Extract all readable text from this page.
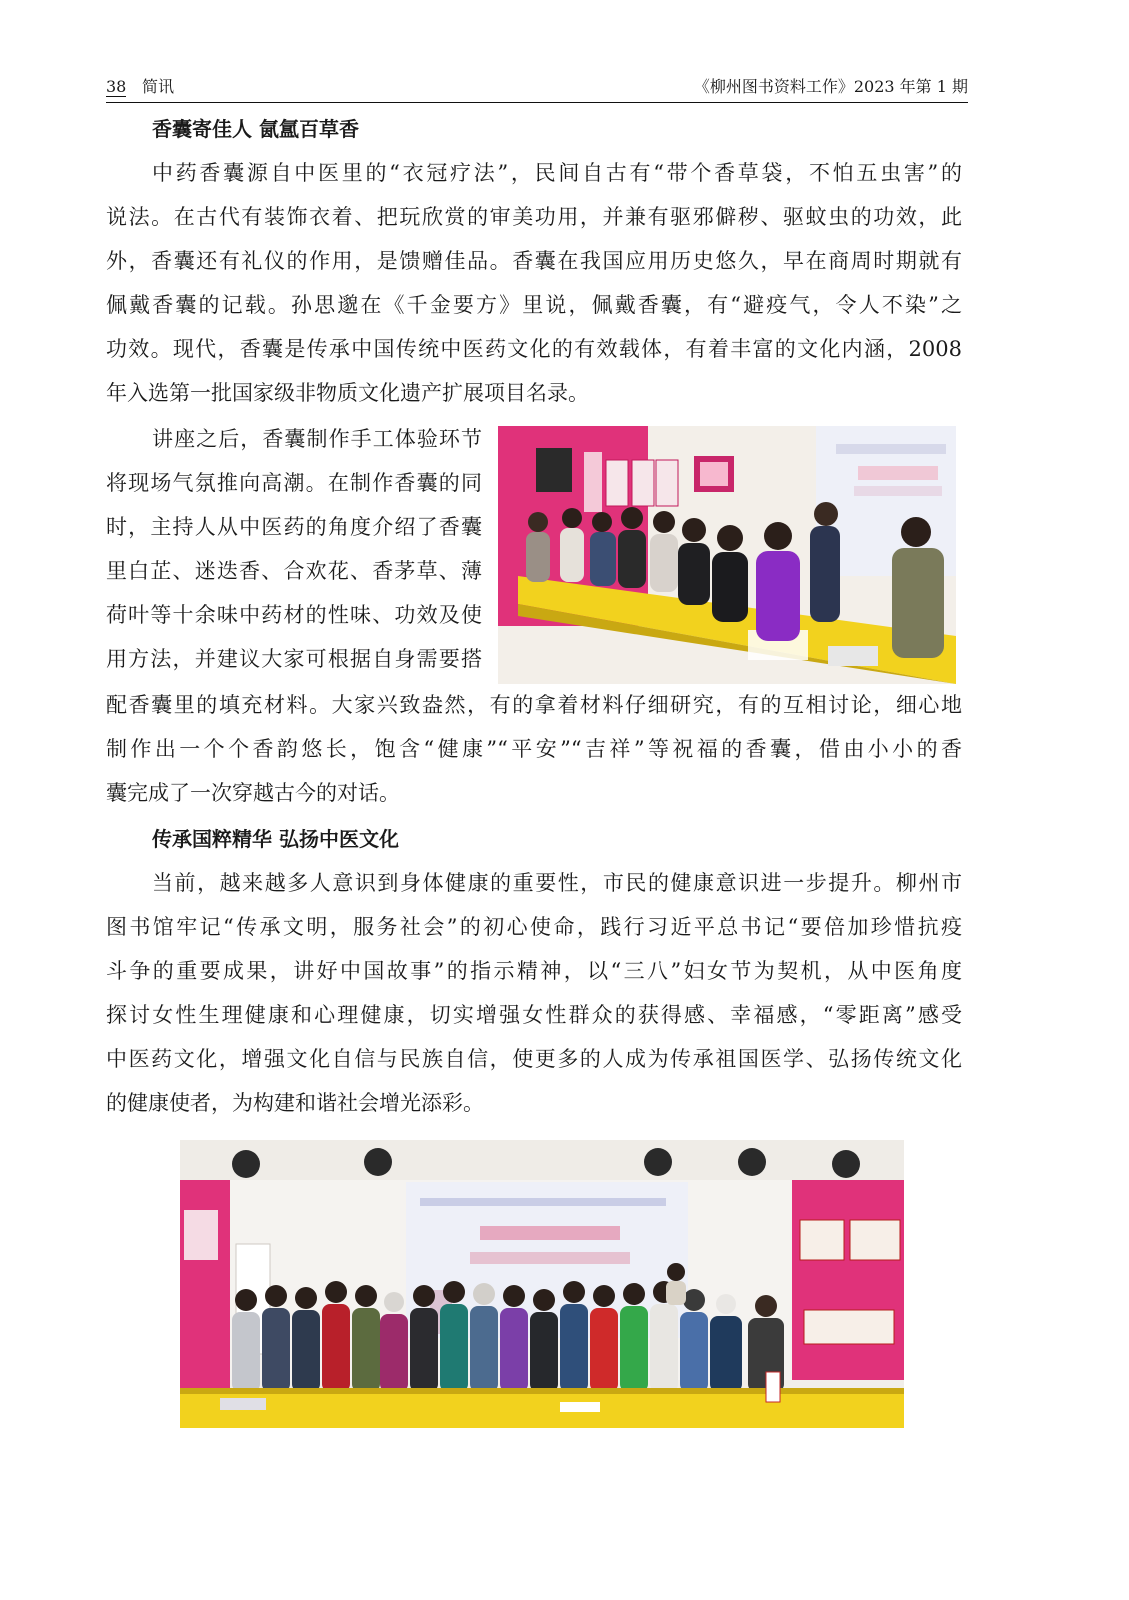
38 简讯	《柳州图书资料工作》2023 年第 1 期
香囊寄佳人 氤氲百草香
中药香囊源自中医里的“衣冠疗法”，民间自古有“带个香草袋，不怕五虫害”的
说法。在古代有装饰衣着、把玩欣赏的审美功用，并兼有驱邪僻秽、驱蚊虫的功效，此
外，香囊还有礼仪的作用，是馈赠佳品。香囊在我国应用历史悠久，早在商周时期就有
佩戴香囊的记载。孙思邈在《千金要方》里说，佩戴香囊，有“避疫气，令人不染”之
功效。现代，香囊是传承中国传统中医药文化的有效载体，有着丰富的文化内涵，2008
年入选第一批国家级非物质文化遗产扩展项目名录。
讲座之后，香囊制作手工体验环节
将现场气氛推向高潮。在制作香囊的同
时，主持人从中医药的角度介绍了香囊
里白芷、迷迭香、合欢花、香茅草、薄
荷叶等十余味中药材的性味、功效及使
用方法，并建议大家可根据自身需要搭
配香囊里的填充材料。大家兴致盎然，有的拿着材料仔细研究，有的互相讨论，细心地
制作出一个个香韵悠长，饱含“健康”“平安”“吉祥”等祝福的香囊，借由小小的香
囊完成了一次穿越古今的对话。
传承国粹精华 弘扬中医文化
当前，越来越多人意识到身体健康的重要性，市民的健康意识进一步提升。柳州市
图书馆牢记“传承文明，服务社会”的初心使命，践行习近平总书记“要倍加珍惜抗疫
斗争的重要成果，讲好中国故事”的指示精神，以“三八”妇女节为契机，从中医角度
探讨女性生理健康和心理健康，切实增强女性群众的获得感、幸福感，“零距离”感受
中医药文化，增强文化自信与民族自信，使更多的人成为传承祖国医学、弘扬传统文化
的健康使者，为构建和谐社会增光添彩。
